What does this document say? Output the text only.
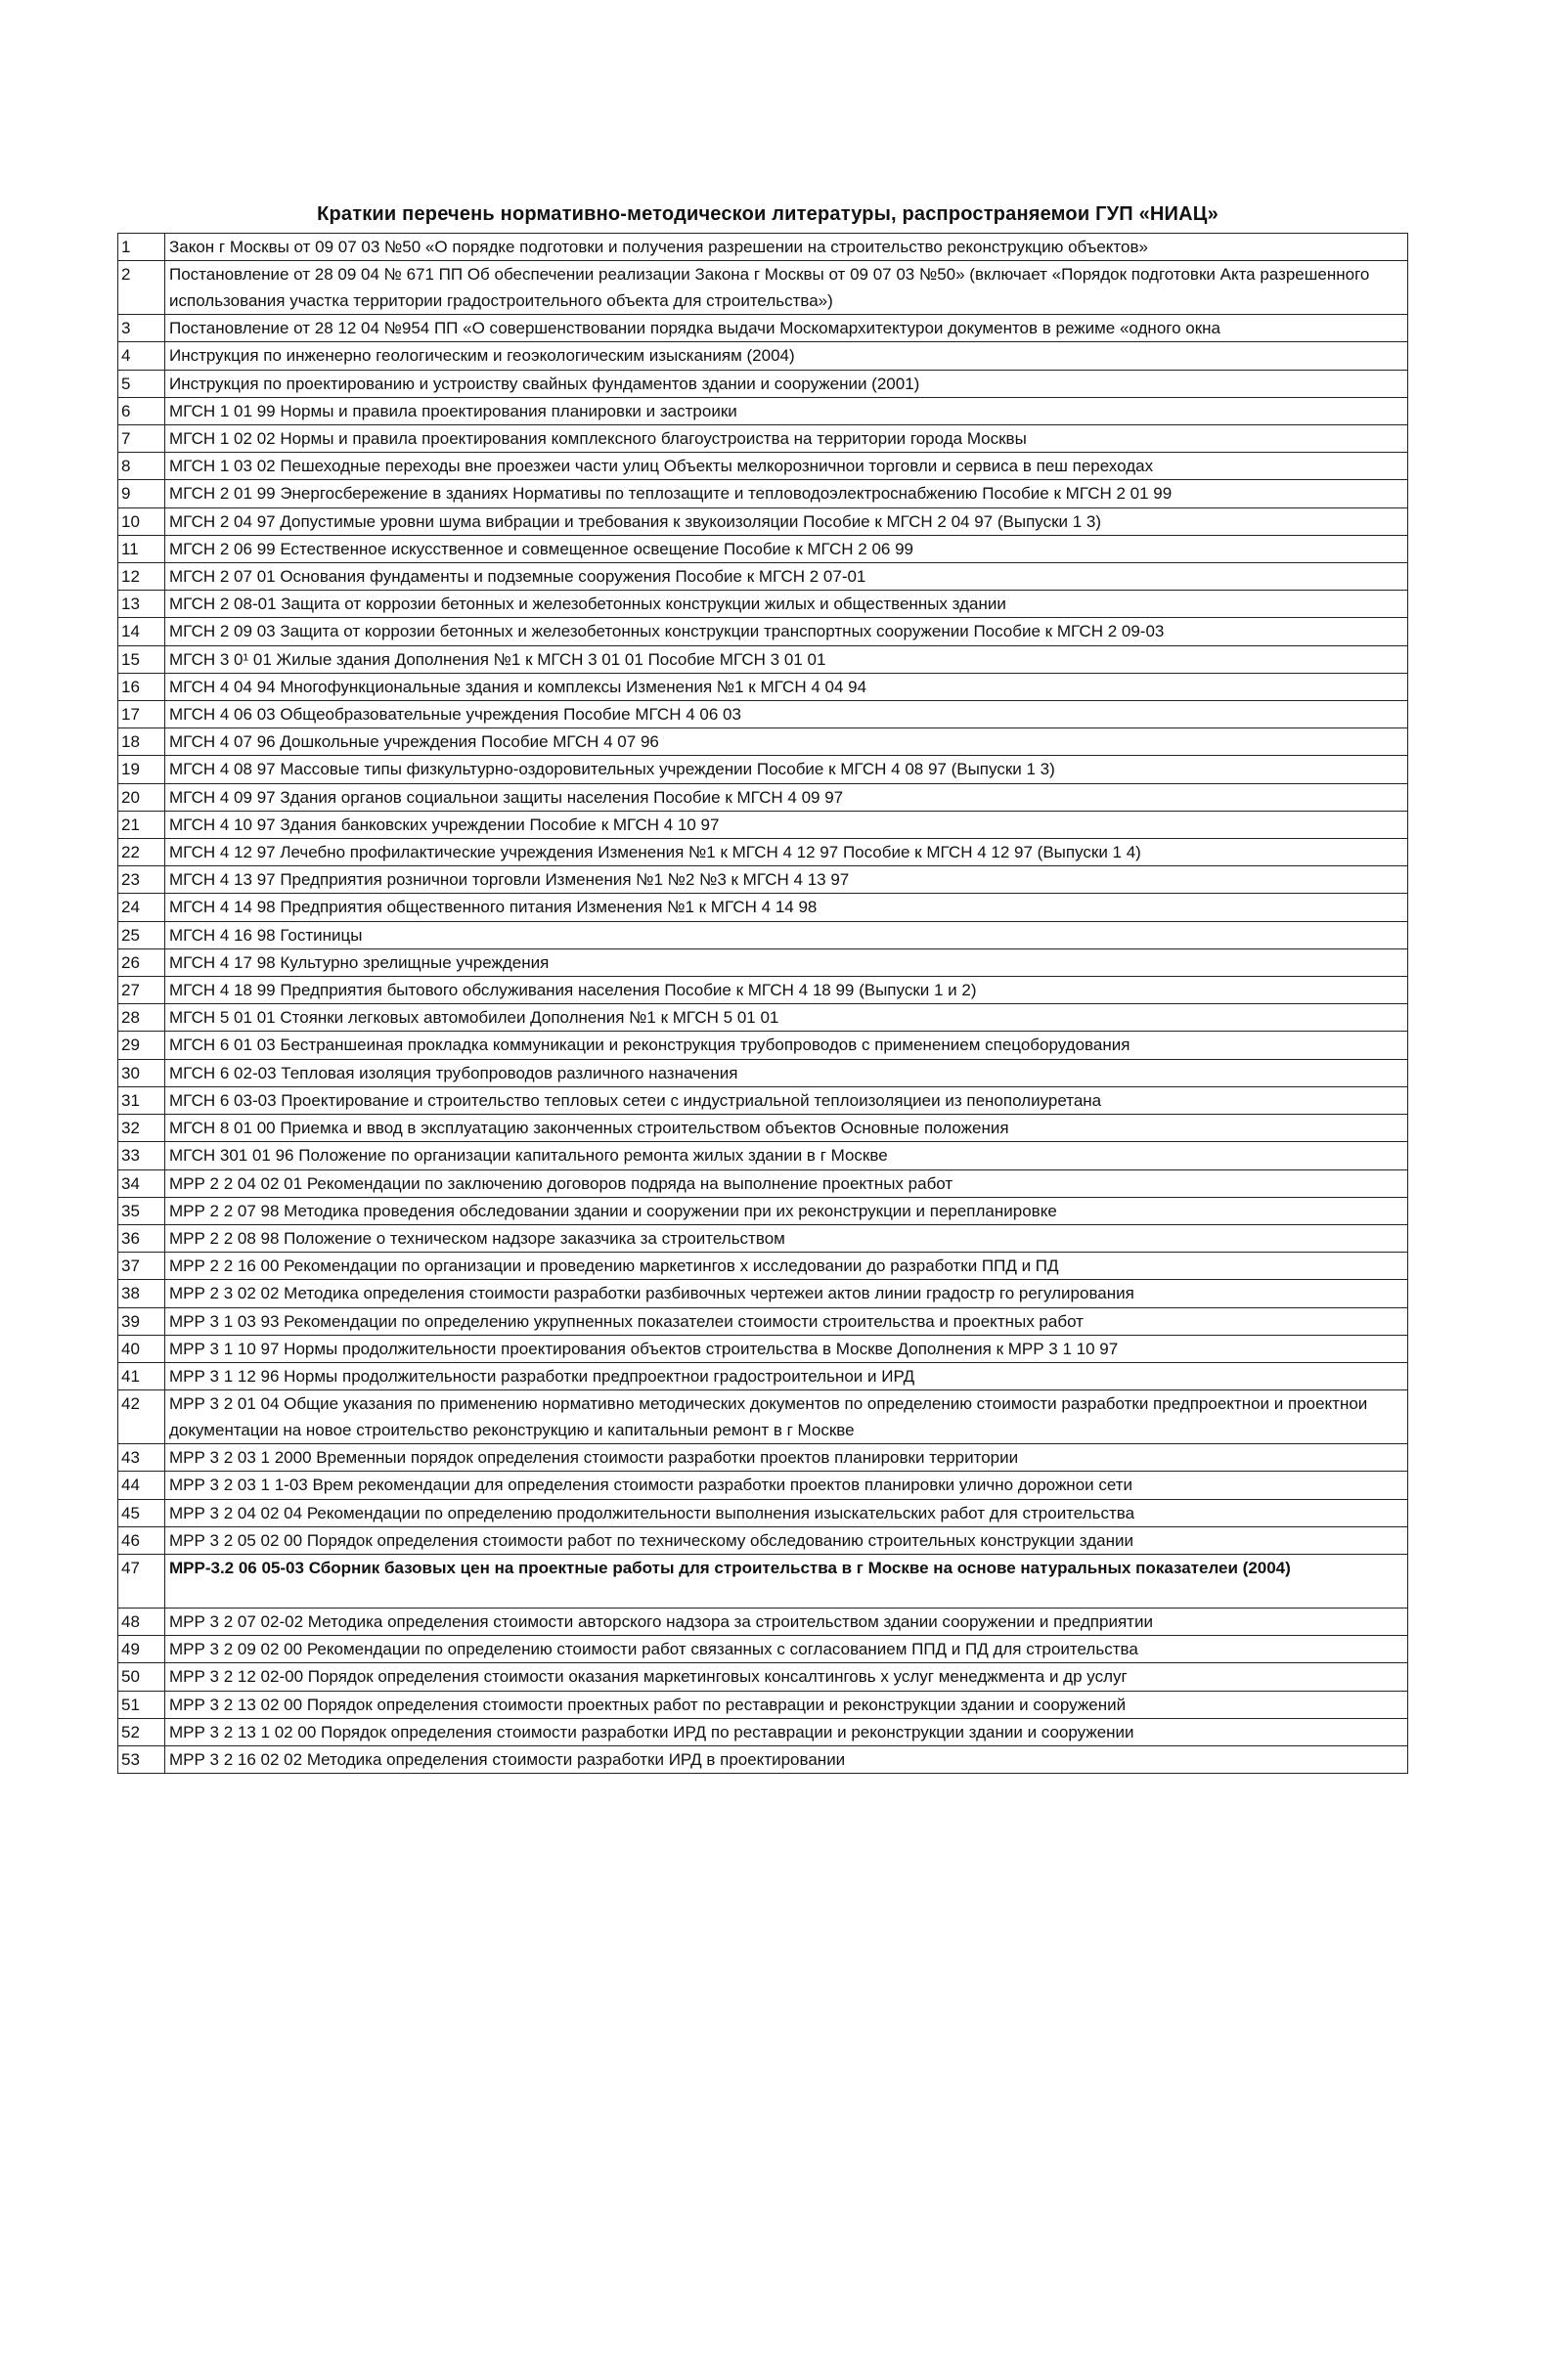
Краткии перечень нормативно-методическои литературы, распространяемои ГУП «НИАЦ»
1	Закон г Москвы от 09 07 03 №50 «О порядке подготовки и получения разрешении на строительство реконструкцию объектов»
2	Постановление от 28 09 04 № 671 ПП Об обеспечении реализации Закона г Москвы от 09 07 03 №50» (включает «Порядок подготовки Акта разрешенного использования участка территории градостроительного объекта для строительства»)
3	Постановление от 28 12 04 №954 ПП «О совершенствовании порядка выдачи Москомархитектурои документов в режиме «одного окна
4	Инструкция по инженерно геологическим и геоэкологическим изысканиям (2004)
5	Инструкция по проектированию и устроиству свайных фундаментов здании и сооружении (2001)
6	МГСН 1 01 99 Нормы и правила проектирования планировки и застроики
7	МГСН 1 02 02 Нормы и правила проектирования комплексного благоустроиства на территории города Москвы
8	МГСН 1 03 02 Пешеходные переходы вне проезжеи части улиц Объекты мелкорозничнои торговли и сервиса в пеш переходах
9	МГСН 2 01 99 Энергосбережение в зданиях Нормативы по теплозащите и тепловодоэлектроснабжению Пособие к МГСН 2 01 99
10	МГСН 2 04 97 Допустимые уровни шума вибрации и требования к звукоизоляции Пособие к МГСН 2 04 97 (Выпуски 1 3)
11	МГСН 2 06 99 Естественное искусственное и совмещенное освещение Пособие к МГСН 2 06 99
12	МГСН 2 07 01 Основания фундаменты и подземные сооружения Пособие к МГСН 2 07-01
13	МГСН 2 08-01 Защита от коррозии бетонных и железобетонных конструкции жилых и общественных здании
14	МГСН 2 09 03 Защита от коррозии бетонных и железобетонных конструкции транспортных сооружении Пособие к МГСН 2 09-03
15	МГСН 3 0¹ 01 Жилые здания Дополнения №1 к МГСН 3 01 01 Пособие МГСН 3 01 01
16	МГСН 4 04 94 Многофункциональные здания и комплексы Изменения №1 к МГСН 4 04 94
17	МГСН 4 06 03 Общеобразовательные учреждения Пособие МГСН 4 06 03
18	МГСН 4 07 96 Дошкольные учреждения Пособие МГСН 4 07 96
19	МГСН 4 08 97 Массовые типы физкультурно-оздоровительных учреждении Пособие к МГСН 4 08 97 (Выпуски 1 3)
20	МГСН 4 09 97 Здания органов социальнои защиты населения Пособие к МГСН 4 09 97
21	МГСН 4 10 97 Здания банковских учреждении Пособие к МГСН 4 10 97
22	МГСН 4 12 97 Лечебно профилактические учреждения Изменения №1 к МГСН 4 12 97 Пособие к МГСН 4 12 97 (Выпуски 1 4)
23	МГСН 4 13 97 Предприятия розничнои торговли Изменения №1 №2 №3 к МГСН 4 13 97
24	МГСН 4 14 98 Предприятия общественного питания Изменения №1 к МГСН 4 14 98
25	МГСН 4 16 98 Гостиницы
26	МГСН 4 17 98 Культурно зрелищные учреждения
27	МГСН 4 18 99 Предприятия бытового обслуживания населения Пособие к МГСН 4 18 99 (Выпуски 1 и 2)
28	МГСН 5 01 01 Стоянки легковых автомобилеи Дополнения №1 к МГСН 5 01 01
29	МГСН 6 01 03 Бестраншеиная прокладка коммуникации и реконструкция трубопроводов с применением спецоборудования
30	МГСН 6 02-03 Тепловая изоляция трубопроводов различного назначения
31	МГСН 6 03-03 Проектирование и строительство тепловых сетеи с индустриальной теплоизоляциеи из пенополиуретана
32	МГСН 8 01 00 Приемка и ввод в эксплуатацию законченных строительством объектов Основные положения
33	МГСН 301 01 96 Положение по организации капитального ремонта жилых здании в г Москве
34	МРР 2 2 04 02 01 Рекомендации по заключению договоров подряда на выполнение проектных работ
35	МРР 2 2 07 98 Методика проведения обследовании здании и сооружении при их реконструкции и перепланировке
36	МРР 2 2 08 98 Положение о техническом надзоре заказчика за строительством
37	МРР 2 2 16 00 Рекомендации по организации и проведению маркетингов х исследовании до разработки ППД и ПД
38	МРР 2 3 02 02 Методика определения стоимости разработки разбивочных чертежеи актов линии градостр го регулирования
39	МРР 3 1 03 93 Рекомендации по определению укрупненных показателеи стоимости строительства и проектных работ
40	МРР 3 1 10 97 Нормы продолжительности проектирования объектов строительства в Москве Дополнения к МРР 3 1 10 97
41	МРР 3 1 12 96 Нормы продолжительности разработки предпроектнои градостроительнои и ИРД
42	МРР 3 2 01 04 Общие указания по применению нормативно методических документов по определению стоимости разработки предпроектнои и проектнои документации на новое строительство реконструкцию и капитальныи ремонт в г Москве
43	МРР 3 2 03 1 2000 Временныи порядок определения стоимости разработки проектов планировки территории
44	МРР 3 2 03 1 1-03 Врем рекомендации для определения стоимости разработки проектов планировки улично дорожнои сети
45	МРР 3 2 04 02 04 Рекомендации по определению продолжительности выполнения изыскательских работ для строительства
46	МРР 3 2 05 02 00 Порядок определения стоимости работ по техническому обследованию строительных конструкции здании
47	МРР-3.2 06 05-03 Сборник базовых цен на проектные работы для строительства в г Москве на основе натуральных показателеи (2004)
48	МРР 3 2 07 02-02 Методика определения стоимости авторского надзора за строительством здании сооружении и предприятии
49	МРР 3 2 09 02 00 Рекомендации по определению стоимости работ связанных с согласованием ППД и ПД для строительства
50	МРР 3 2 12 02-00 Порядок определения стоимости оказания маркетинговых консалтинговь х услуг менеджмента и др услуг
51	МРР 3 2 13 02 00 Порядок определения стоимости проектных работ по реставрации и реконструкции здании и сооружений
52	МРР 3 2 13 1 02 00 Порядок определения стоимости разработки ИРД по реставрации и реконструкции здании и сооружении
53	МРР 3 2 16 02 02 Методика определения стоимости разработки ИРД в проектировании
